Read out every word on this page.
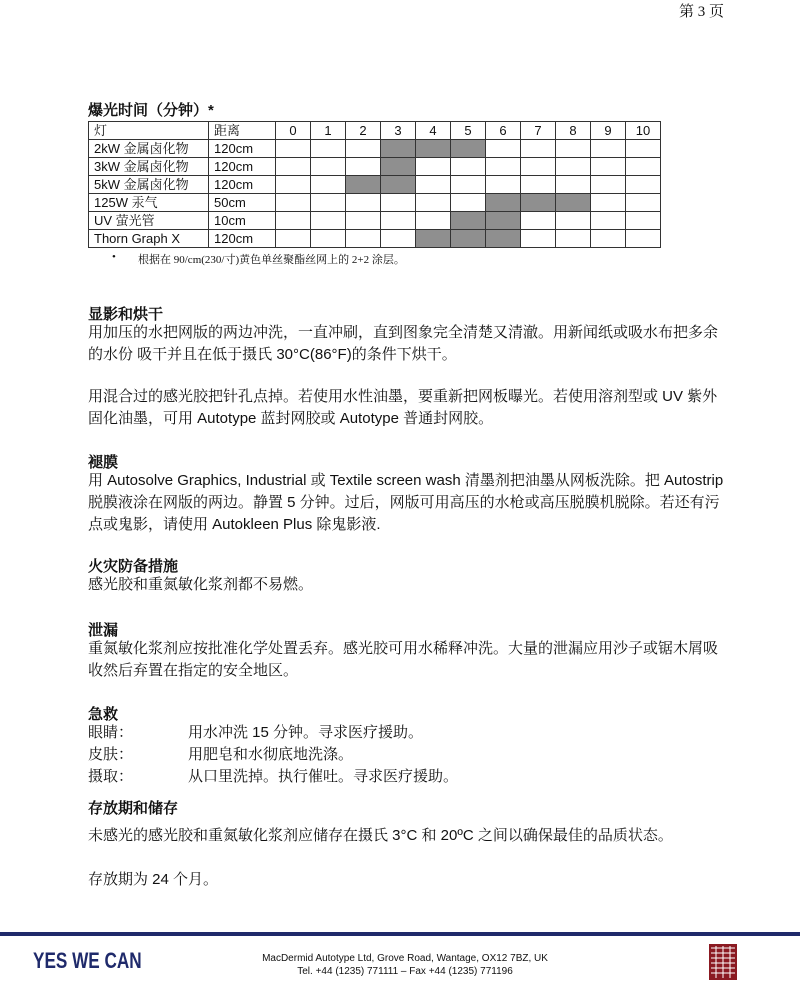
第 3 页
爆光时间（分钟）*
灯	距离	0	1	2	3	4	5	6	7	8	9	10
2kW 金属卤化物	120cm											
3kW 金属卤化物	120cm											
5kW 金属卤化物	120cm											
125W 汞气	50cm											
UV 萤光管	10cm											
Thorn Graph X	120cm											
• 根据在 90/cm(230/寸)黄色单丝聚酯丝网上的 2+2 涂层。
显影和烘干
用加压的水把网版的两边冲洗，一直冲刷，直到图象完全清楚又清澈。用新闻纸或吸水布把多余的水份 吸干并且在低于摄氏 30°C(86°F)的条件下烘干。
用混合过的感光胶把针孔点掉。若使用水性油墨，要重新把网板曝光。若使用溶剂型或 UV 紫外固化油墨，可用 Autotype 蓝封网胶或 Autotype 普通封网胶。
褪膜
用 Autosolve Graphics, Industrial 或 Textile screen wash 清墨剂把油墨从网板洗除。把 Autostrip 脱膜液涂在网版的两边。静置 5 分钟。过后，网版可用高压的水枪或高压脱膜机脱除。若还有污点或鬼影，请使用 Autokleen Plus 除鬼影液.
火灾防备措施
感光胶和重氮敏化浆剂都不易燃。
泄漏
重氮敏化浆剂应按批准化学处置丢弃。感光胶可用水稀释冲洗。大量的泄漏应用沙子或锯木屑吸收然后弃置在指定的安全地区。
急救
眼睛：	用水冲洗 15 分钟。寻求医疗援助。
皮肤：	用肥皂和水彻底地洗涤。
摄取：	从口里洗掉。执行催吐。寻求医疗援助。
存放期和储存
未感光的感光胶和重氮敏化浆剂应储存在摄氏 3°C 和 20ºC 之间以确保最佳的品质状态。
存放期为 24 个月。
YES WE CAN	MacDermid Autotype Ltd, Grove Road, Wantage, OX12 7BZ, UK
Tel. +44 (1235) 771111 – Fax +44 (1235) 771196
